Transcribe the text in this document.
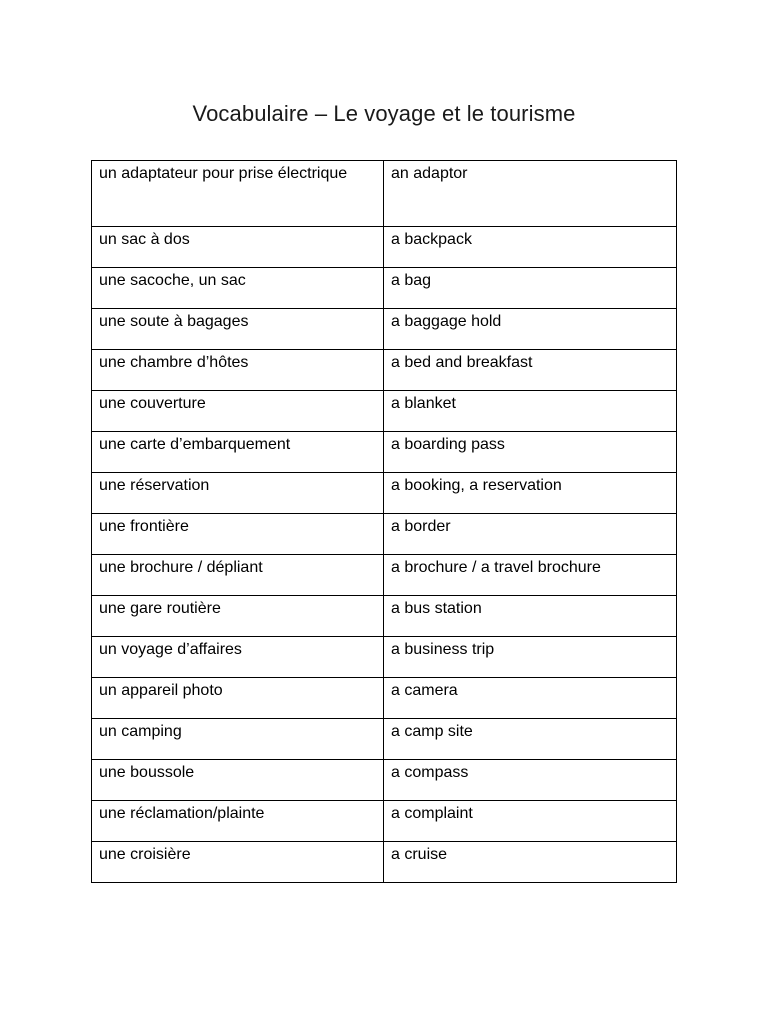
Vocabulaire – Le voyage et le tourisme
un adaptateur pour prise électrique	an adaptor
un sac à dos	a backpack
une sacoche, un sac	a bag
une soute à bagages	a baggage hold
une chambre d’hôtes	a bed and breakfast
une couverture	a blanket
une carte d’embarquement	a boarding pass
une réservation	a booking, a reservation
une frontière	a border
une brochure / dépliant	a brochure / a travel brochure
une gare routière	a bus station
un voyage d’affaires	a business trip
un appareil photo	a camera
un camping	a camp site
une boussole	a compass
une réclamation/plainte	a complaint
une croisière	a cruise
